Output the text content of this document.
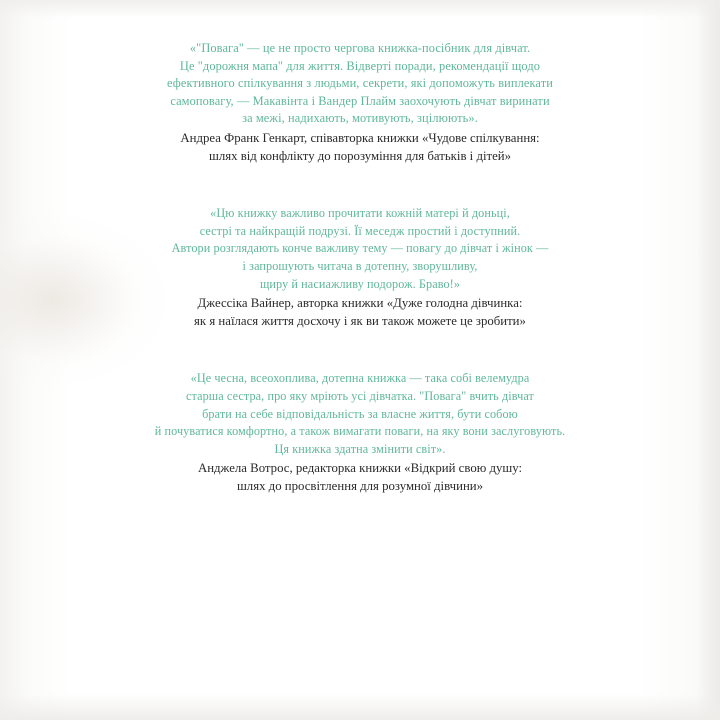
«"Повага" — це не просто чергова книжка-посібник для дівчат.
Це "дорожня мапа" для життя. Відверті поради, рекомендації щодо
ефективного спілкування з людьми, секрети, які допоможуть виплекати
самоповагу, — Макавінта і Вандер Плайм заохочують дівчат виринати
за межі, надихають, мотивують, зцілюють».
Андреа Франк Генкарт, співавторка книжки «Чудове спілкування:
шлях від конфлікту до порозуміння для батьків і дітей»
«Цю книжку важливо прочитати кожній матері й доньці,
сестрі та найкращій подрузі. Її меседж простий і доступний.
Автори розглядають конче важливу тему — повагу до дівчат і жінок —
і запрошують читача в дотепну, зворушливу,
щиру й насиажливу подорож. Браво!»
Джессіка Вайнер, авторка книжки «Дуже голодна дівчинка:
як я наїлася життя досхочу і як ви також можете це зробити»
«Це чесна, всеохоплива, дотепна книжка — така собі велемудра
старша сестра, про яку мріють усі дівчатка. "Повага" вчить дівчат
брати на себе відповідальність за власне життя, бути собою
й почуватися комфортно, а також вимагати поваги, на яку вони заслуговують.
Ця книжка здатна змінити світ».
Анджела Вотрос, редакторка книжки «Відкрий свою душу:
шлях до просвітлення для розумної дівчини»
